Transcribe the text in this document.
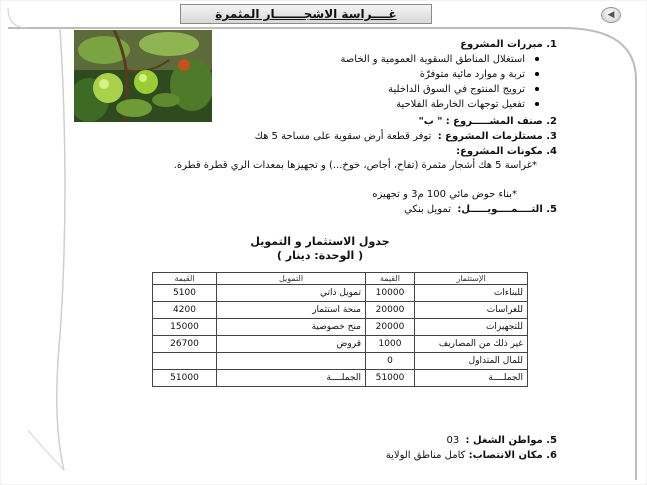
غــــراسة الاشجـــــــار المثمرة	◀
1. مبررات المشروع
استغلال المناطق السقوية العمومية و الخاصة
تربة و موارد مائية متوفرّة
ترويج المنتوج في السوق الداخلية
تفعيل توجهات الخارطة الفلاحية
2. صنف المشـــــروع : " ب"
3. مستلزمات المشروع :  توفر قطعة أرض سقوية على مساحة 5 هك
4. مكونات المشروع:
*غراسة 5 هك أشجار مثمرة (تفاح، أجاص، خوخ...) و تجهيزها بمعدات الري قطرة قطرة.
*بناء حوض مائي 100 م3 و تجهيزه
5. التــــمــــويـــــل:  تمويل بنكي
جدول الاستثمار و التمويل
( الوحدة: دينار )
الإستثمار	القيمة	التمويل	القيمة
للبناءات	10000	تمويل ذاتي	5100
للغراسات	20000	منحة استثمار	4200
للتجهيزات	20000	منح خصوصية	15000
غير ذلك من المصاريف	1000	قروض	26700
للمال المتداول	0		
الجملــــة	51000	الجملــــة	51000
5. مواطن الشغل :  03
6. مكان الانتصاب: كامل مناطق الولاية
